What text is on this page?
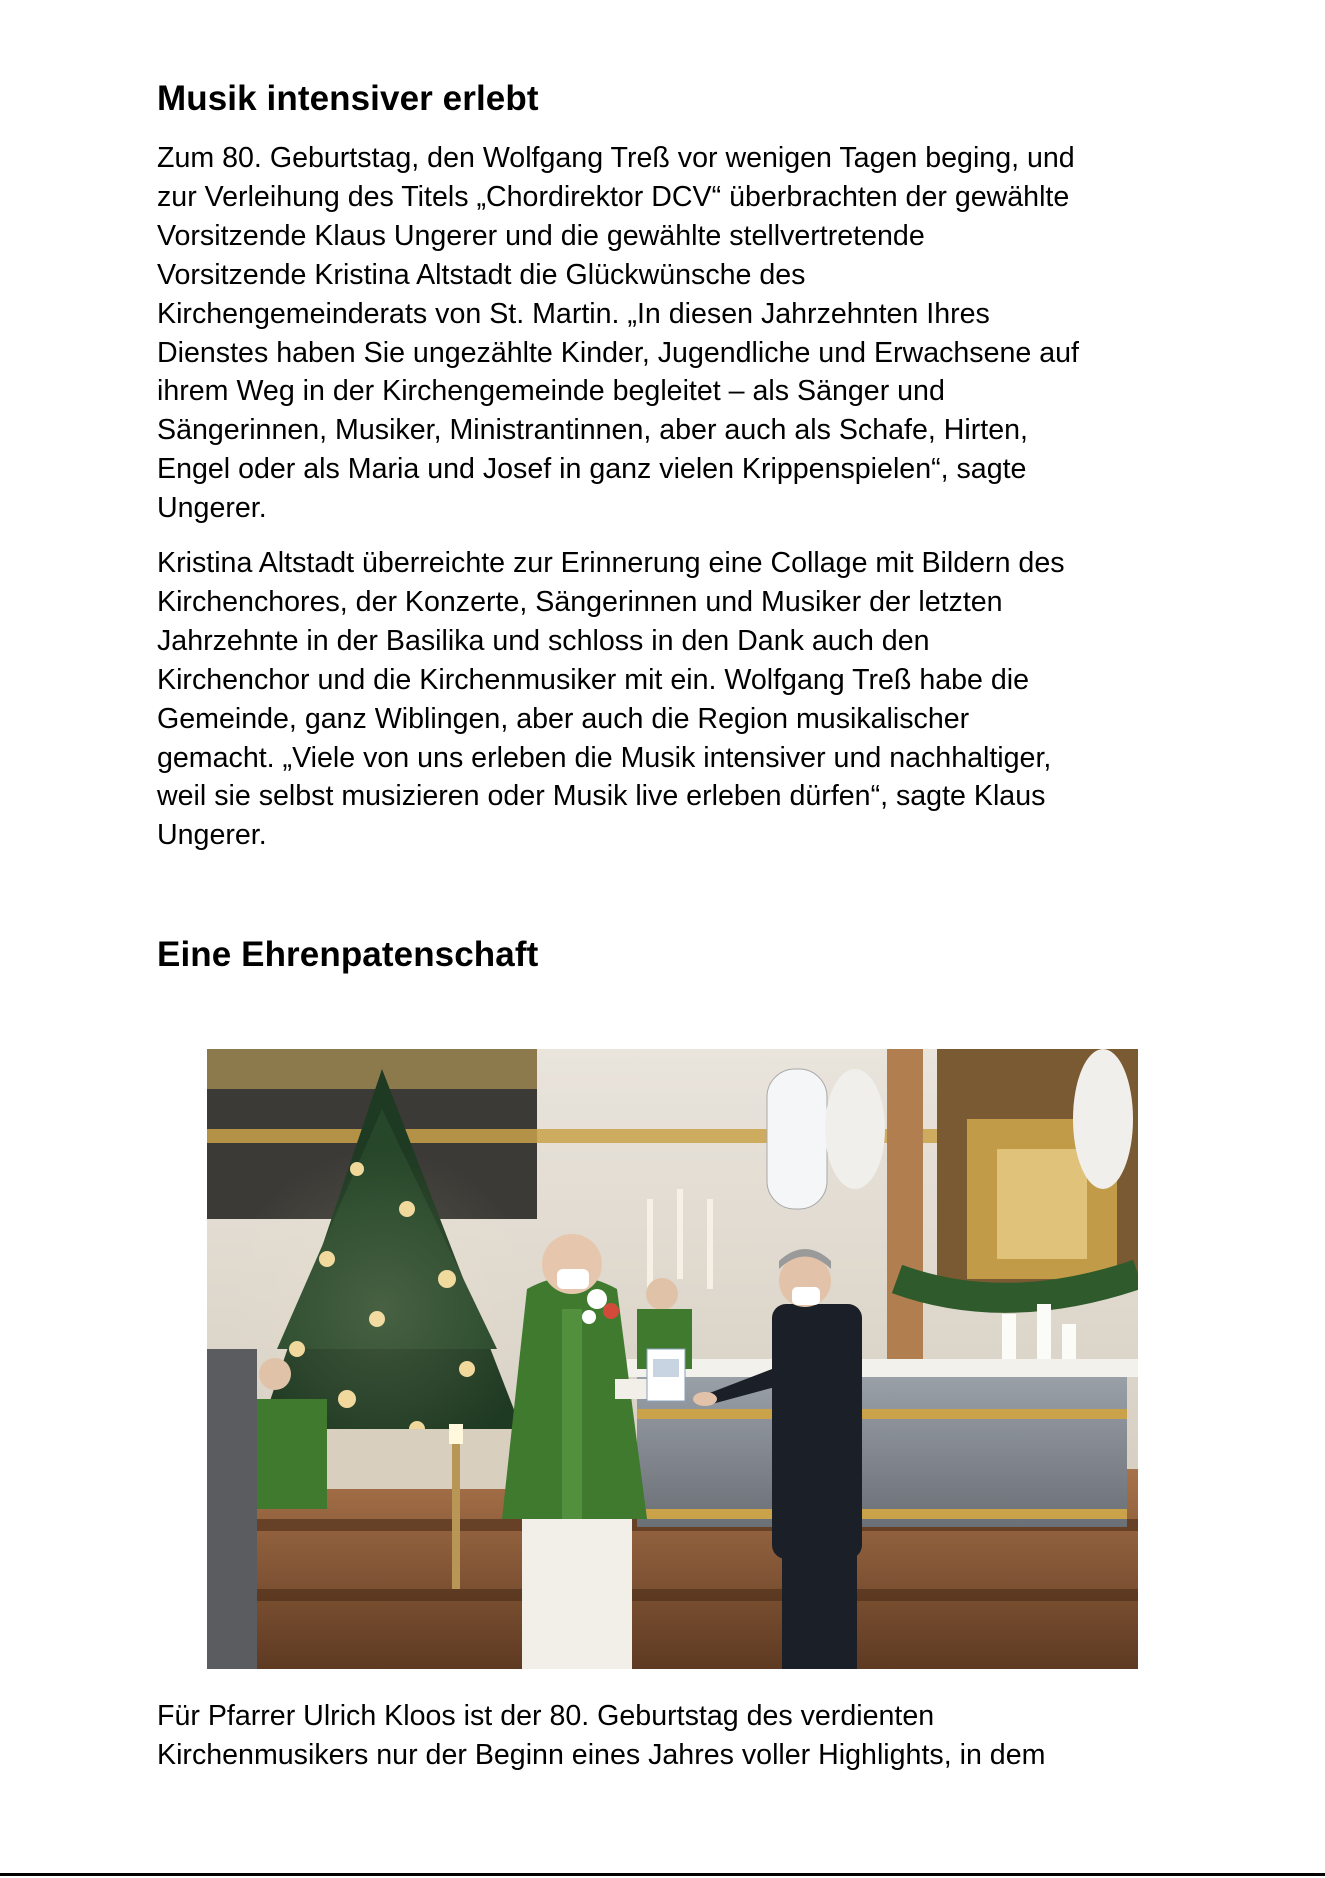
Musik intensiver erlebt
Zum 80. Geburtstag, den Wolfgang Treß vor wenigen Tagen beging, und
zur Verleihung des Titels „Chordirektor DCV“ überbrachten der gewählte
Vorsitzende Klaus Ungerer und die gewählte stellvertretende
Vorsitzende Kristina Altstadt die Glückwünsche des
Kirchengemeinderats von St. Martin. „In diesen Jahrzehnten Ihres
Dienstes haben Sie ungezählte Kinder, Jugendliche und Erwachsene auf
ihrem Weg in der Kirchengemeinde begleitet – als Sänger und
Sängerinnen, Musiker, Ministrantinnen, aber auch als Schafe, Hirten,
Engel oder als Maria und Josef in ganz vielen Krippenspielen“, sagte
Ungerer.
Kristina Altstadt überreichte zur Erinnerung eine Collage mit Bildern des
Kirchenchores, der Konzerte, Sängerinnen und Musiker der letzten
Jahrzehnte in der Basilika und schloss in den Dank auch den
Kirchenchor und die Kirchenmusiker mit ein. Wolfgang Treß habe die
Gemeinde, ganz Wiblingen, aber auch die Region musikalischer
gemacht. „Viele von uns erleben die Musik intensiver und nachhaltiger,
weil sie selbst musizieren oder Musik live erleben dürfen“, sagte Klaus
Ungerer.
Eine Ehrenpatenschaft
Für Pfarrer Ulrich Kloos ist der 80. Geburtstag des verdienten
Kirchenmusikers nur der Beginn eines Jahres voller Highlights, in dem
